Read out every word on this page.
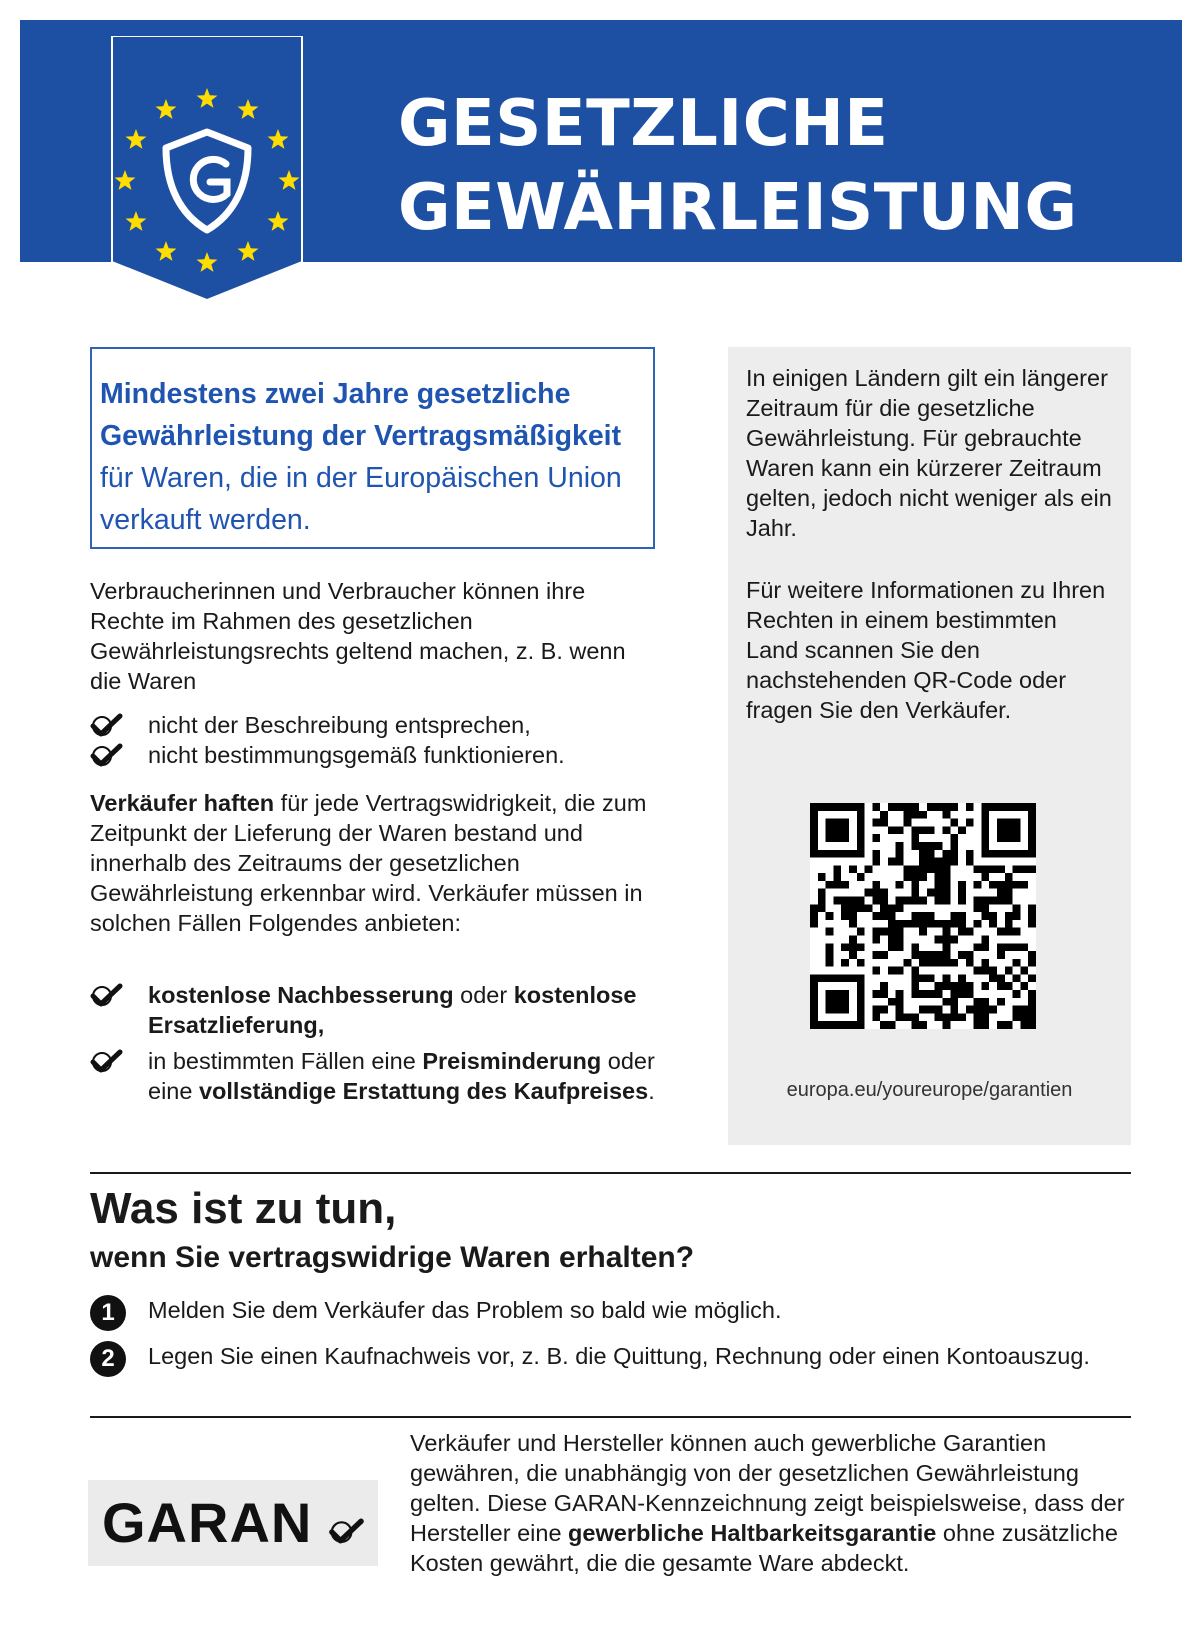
GESETZLICHE
GEWÄHRLEISTUNG
Mindestens zwei Jahre gesetzliche Gewährleistung der Vertragsmäßigkeit für Waren, die in der Europäischen Union verkauft werden.

Verbraucherinnen und Verbraucher können ihre Rechte im Rahmen des gesetzlichen Gewährleistungsrechts geltend machen, z. B. wenn die Waren

nicht der Beschreibung entsprechen,
nicht bestimmungsgemäß funktionieren.

Verkäufer haften für jede Vertragswidrigkeit, die zum Zeitpunkt der Lieferung der Waren bestand und innerhalb des Zeitraums der gesetzlichen Gewährleistung erkennbar wird. Verkäufer müssen in solchen Fällen Folgendes anbieten:

kostenlose Nachbesserung oder kostenlose Ersatzlieferung,
in bestimmten Fällen eine Preisminderung oder eine vollständige Erstattung des Kaufpreises.

In einigen Ländern gilt ein längerer Zeitraum für die gesetzliche Gewährleistung. Für gebrauchte Waren kann ein kürzerer Zeitraum gelten, jedoch nicht weniger als ein Jahr.

Für weitere Informationen zu Ihren Rechten in einem bestimmten Land scannen Sie den nachstehenden QR-Code oder fragen Sie den Verkäufer.

europa.eu/youreurope/garantien
Was ist zu tun,
wenn Sie vertragswidrige Waren erhalten?
1	Melden Sie dem Verkäufer das Problem so bald wie möglich.
2	Legen Sie einen Kaufnachweis vor, z. B. die Quittung, Rechnung oder einen Kontoauszug.
GARAN

Verkäufer und Hersteller können auch gewerbliche Garantien gewähren, die unabhängig von der gesetzlichen Gewährleistung gelten. Diese GARAN-Kennzeichnung zeigt beispielsweise, dass der Hersteller eine gewerbliche Haltbarkeitsgarantie ohne zusätzliche Kosten gewährt, die die gesamte Ware abdeckt.
